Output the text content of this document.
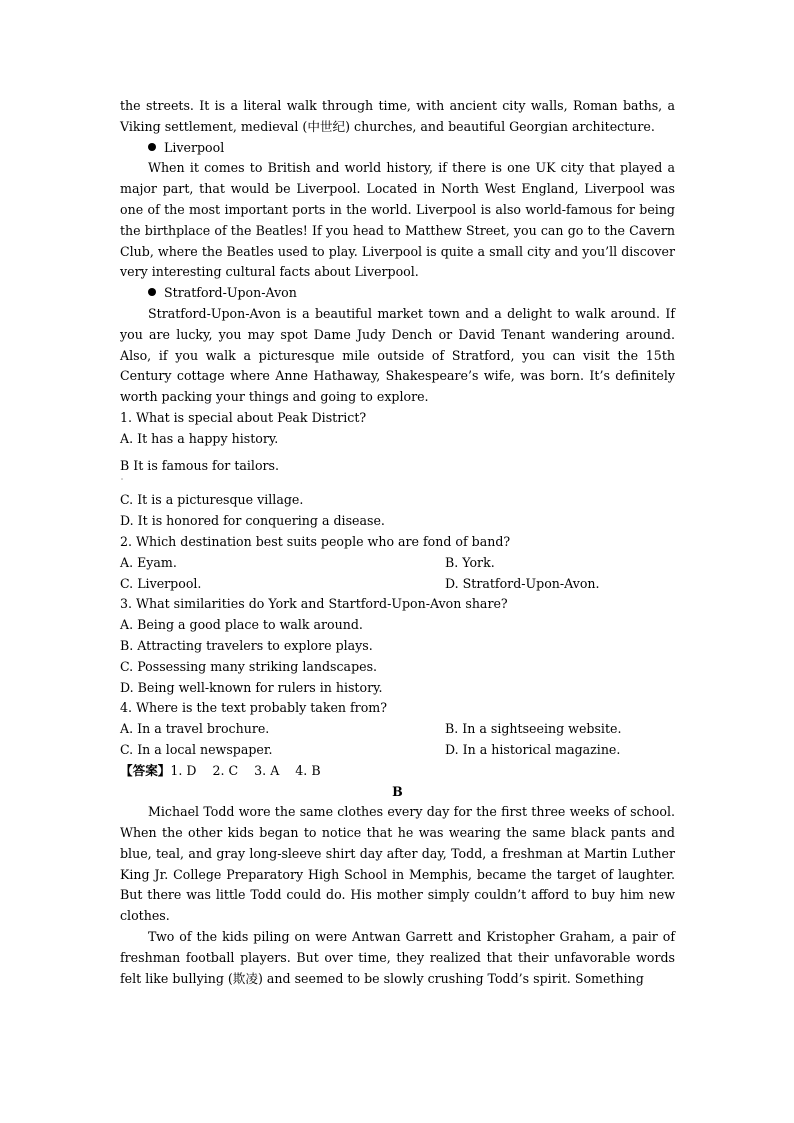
the streets. It is a literal walk through time, with ancient city walls, Roman baths, a Viking settlement, medieval (中世纪) churches, and beautiful Georgian architecture.

Liverpool

When it comes to British and world history, if there is one UK city that played a major part, that would be Liverpool. Located in North West England, Liverpool was one of the most important ports in the world. Liverpool is also world-famous for being the birthplace of the Beatles! If you head to Matthew Street, you can go to the Cavern Club, where the Beatles used to play. Liverpool is quite a small city and you’ll discover very interesting cultural facts about Liverpool.

Stratford-Upon-Avon

Stratford-Upon-Avon is a beautiful market town and a delight to walk around. If you are lucky, you may spot Dame Judy Dench or David Tenant wandering around. Also, if you walk a picturesque mile outside of Stratford, you can visit the 15th Century cottage where Anne Hathaway, Shakespeare’s wife, was born. It’s definitely worth packing your things and going to explore.

1. What is special about Peak District?

A. It has a happy history.

B It is famous for tailors.

˙

C. It is a picturesque village.

D. It is honored for conquering a disease.

2. Which destination best suits people who are fond of band?

A. Eyam.	B. York.
C. Liverpool.	D. Stratford-Upon-Avon.

3. What similarities do York and Startford-Upon-Avon share?

A. Being a good place to walk around.

B. Attracting travelers to explore plays.

C. Possessing many striking landscapes.

D. Being well-known for rulers in history.

4. Where is the text probably taken from?

A. In a travel brochure.	B. In a sightseeing website.
C. In a local newspaper.	D. In a historical magazine.

【答案】1. D    2. C    3. A    4. B

B

Michael Todd wore the same clothes every day for the first three weeks of school. When the other kids began to notice that he was wearing the same black pants and blue, teal, and gray long-sleeve shirt day after day, Todd, a freshman at Martin Luther King Jr. College Preparatory High School in Memphis, became the target of laughter. But there was little Todd could do. His mother simply couldn’t afford to buy him new clothes.

Two of the kids piling on were Antwan Garrett and Kristopher Graham, a pair of freshman football players. But over time, they realized that their unfavorable words felt like bullying (欺凌) and seemed to be slowly crushing Todd’s spirit. Something
